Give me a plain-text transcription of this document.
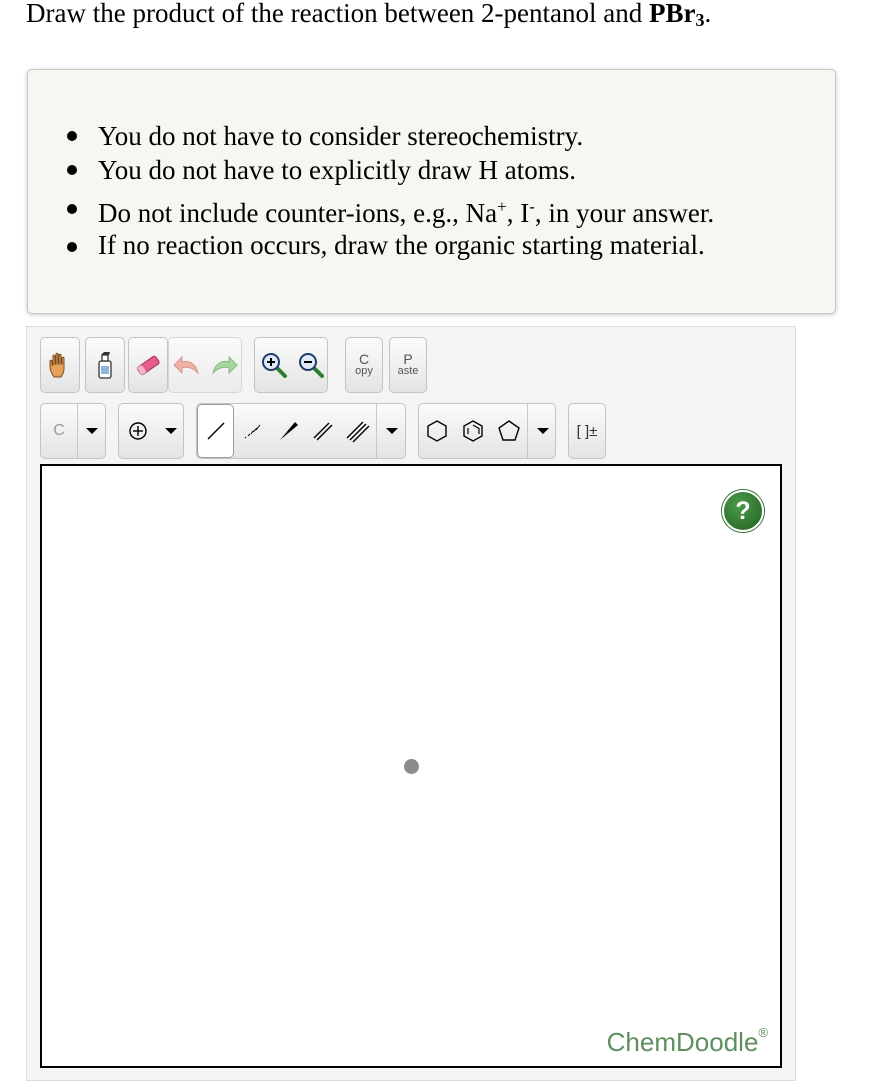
Draw the product of the reaction between 2-pentanol and PBr$_3$.
You do not have to consider stereochemistry.
You do not have to explicitly draw H atoms.
Do not include counter-ions, e.g., Na+, I-, in your answer.
If no reaction occurs, draw the organic starting material.
C
opy
P
aste
C	[ ]±
?
ChemDoodle®
